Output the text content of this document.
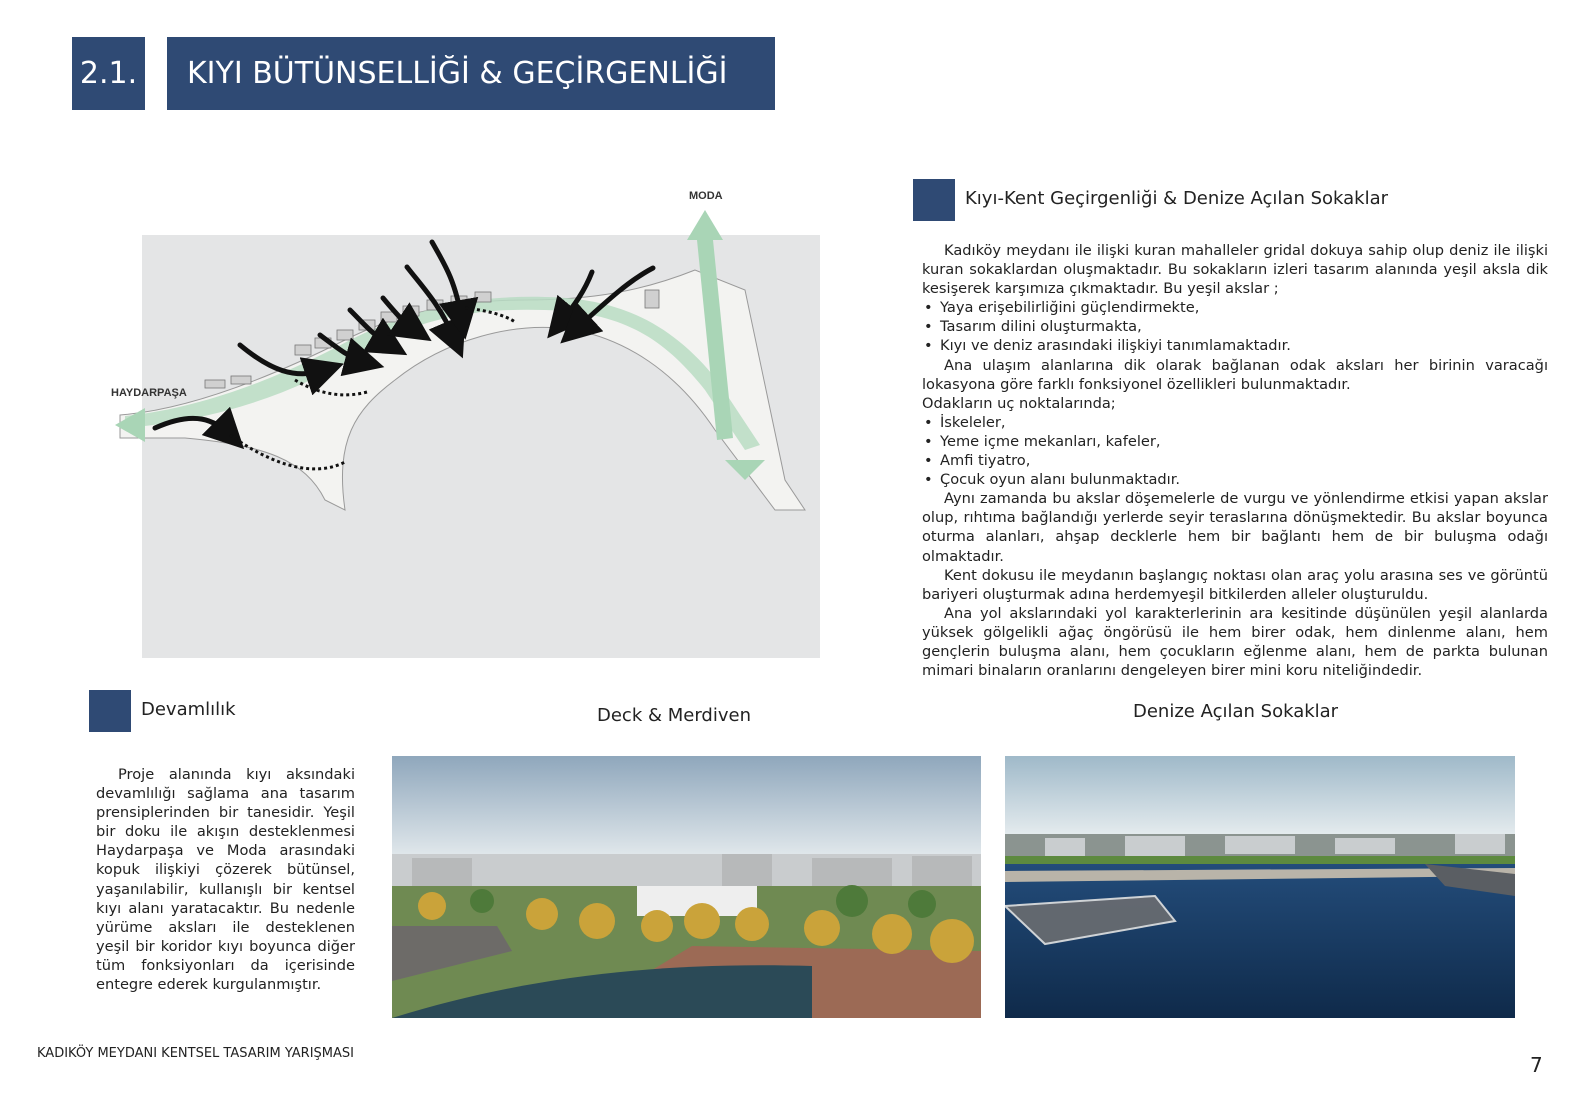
2.1.	KIYI BÜTÜNSELLİĞİ & GEÇİRGENLİĞİ
MODA
HAYDARPAŞA
Kıyı-Kent Geçirgenliği & Denize Açılan Sokaklar

Kadıköy meydanı ile ilişki kuran mahalleler gridal dokuya sahip olup deniz ile ilişki kuran sokaklardan oluşmaktadır. Bu sokakların izleri tasarım alanında yeşil aksla dik kesişerek karşımıza çıkmaktadır. Bu yeşil akslar ;

• Yaya erişebilirliğini güçlendirmekte,

• Tasarım dilini oluşturmakta,

• Kıyı ve deniz arasındaki ilişkiyi tanımlamaktadır.

Ana ulaşım alanlarına dik olarak bağlanan odak aksları her birinin varacağı lokasyona göre farklı fonksiyonel özellikleri bulunmaktadır.

Odakların uç noktalarında;

• İskeleler,

• Yeme içme mekanları, kafeler,

• Amfi tiyatro,

• Çocuk oyun alanı bulunmaktadır.

Aynı zamanda bu akslar döşemelerle de vurgu ve yönlendirme etkisi yapan akslar olup, rıhtıma bağlandığı yerlerde seyir teraslarına dönüşmektedir. Bu akslar boyunca oturma alanları, ahşap decklerle hem bir bağlantı hem de bir buluşma odağı olmaktadır.

Kent dokusu ile meydanın başlangıç noktası olan araç yolu arasına ses ve görüntü bariyeri oluşturmak adına herdemyeşil bitkilerden alleler oluşturuldu.

Ana yol akslarındaki yol karakterlerinin ara kesitinde düşünülen yeşil alanlarda yüksek gölgelikli ağaç öngörüsü ile hem birer odak, hem dinlenme alanı, hem gençlerin buluşma alanı, hem çocukların eğlenme alanı, hem de parkta bulunan mimari binaların oranlarını dengeleyen birer mini koru niteliğindedir.

Devamlılık

Proje alanında kıyı aksındaki devamlılığı sağlama ana tasarım prensiplerinden bir tanesidir. Yeşil bir doku ile akışın desteklenmesi Haydarpaşa ve Moda arasındaki kopuk ilişkiyi çözerek bütünsel, yaşanılabilir, kullanışlı bir kentsel kıyı alanı yaratacaktır. Bu nedenle yürüme aksları ile desteklenen yeşil bir koridor kıyı boyunca diğer tüm fonksiyonları da içerisinde entegre ederek kurgulanmıştır.

Deck & Merdiven	Denize Açılan Sokaklar
KADIKÖY MEYDANI KENTSEL TASARIM YARIŞMASI	7
